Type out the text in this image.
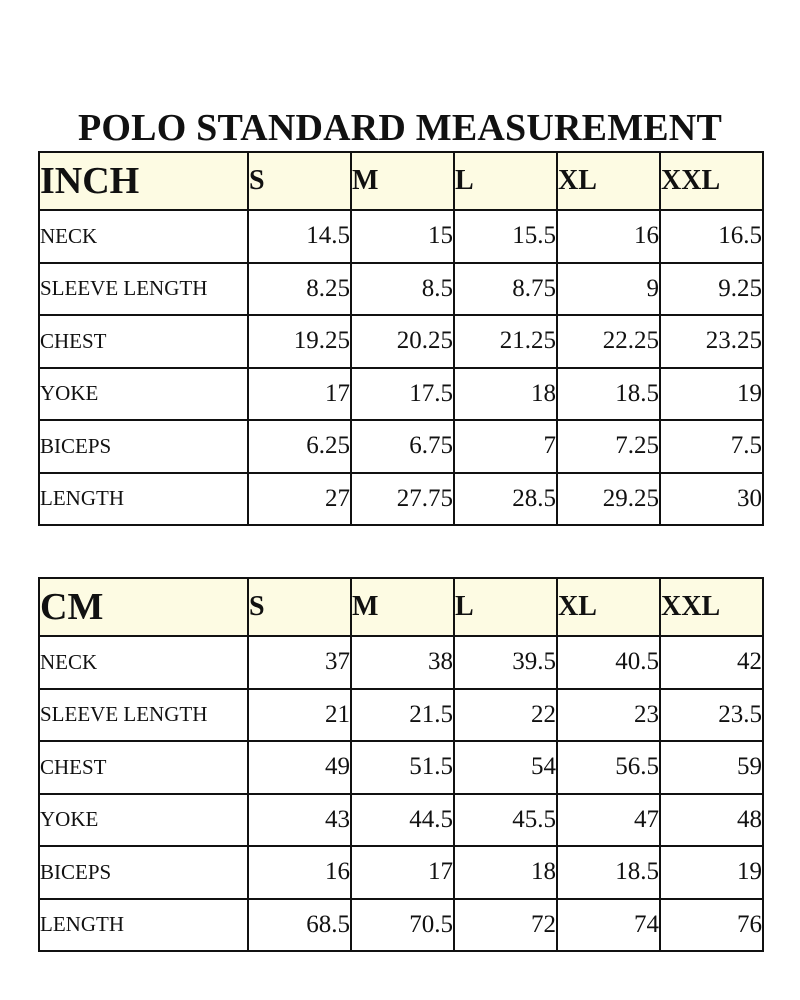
POLO STANDARD MEASUREMENT
INCH	S	M	L	XL	XXL
NECK	14.5	15	15.5	16	16.5
SLEEVE LENGTH	8.25	8.5	8.75	9	9.25
CHEST	19.25	20.25	21.25	22.25	23.25
YOKE	17	17.5	18	18.5	19
BICEPS	6.25	6.75	7	7.25	7.5
LENGTH	27	27.75	28.5	29.25	30
CM	S	M	L	XL	XXL
NECK	37	38	39.5	40.5	42
SLEEVE LENGTH	21	21.5	22	23	23.5
CHEST	49	51.5	54	56.5	59
YOKE	43	44.5	45.5	47	48
BICEPS	16	17	18	18.5	19
LENGTH	68.5	70.5	72	74	76
